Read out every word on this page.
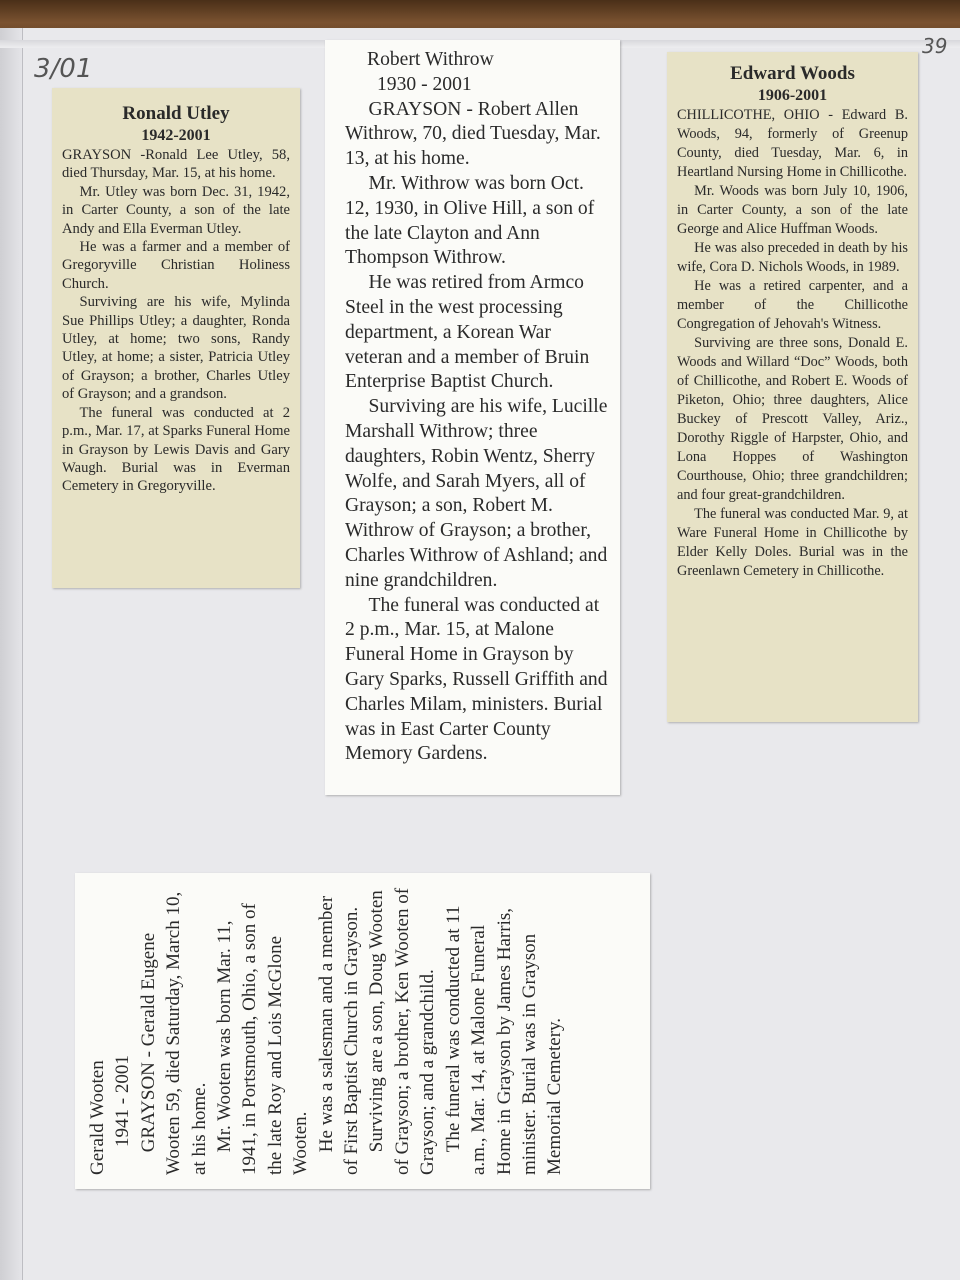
3/01
39
Ronald Utley
1942-2001

GRAYSON -Ronald Lee Utley, 58, died Thursday, Mar. 15, at his home.

Mr. Utley was born Dec. 31, 1942, in Carter County, a son of the late Andy and Ella Everman Utley.

He was a farmer and a member of Gregoryville Christian Holiness Church.

Surviving are his wife, Mylinda Sue Phillips Utley; a daughter, Ronda Utley, at home; two sons, Randy Utley, at home; a sister, Patricia Utley of Grayson; a brother, Charles Utley of Grayson; and a grandson.

The funeral was conducted at 2 p.m., Mar. 17, at Sparks Funeral Home in Grayson by Lewis Davis and Gary Waugh. Burial was in Everman Cemetery in Gregoryville.

Robert Withrow

1930 - 2001

GRAYSON - Robert Allen Withrow, 70, died Tuesday, Mar. 13, at his home.

Mr. Withrow was born Oct. 12, 1930, in Olive Hill, a son of the late Clayton and Ann Thompson Withrow.

He was retired from Armco Steel in the west processing department, a Korean War veteran and a member of Bruin Enterprise Baptist Church.

Surviving are his wife, Lucille Marshall Withrow; three daughters, Robin Wentz, Sherry Wolfe, and Sarah Myers, all of Grayson; a son, Robert M. Withrow of Grayson; a brother, Charles Withrow of Ashland; and nine grandchildren.

The funeral was conducted at 2 p.m., Mar. 15, at Malone Funeral Home in Grayson by Gary Sparks, Russell Griffith and Charles Milam, ministers. Burial was in East Carter County Memory Gardens.

Edward Woods
1906-2001

CHILLICOTHE, OHIO - Edward B. Woods, 94, formerly of Greenup County, died Tuesday, Mar. 6, in Heartland Nursing Home in Chillicothe.

Mr. Woods was born July 10, 1906, in Carter County, a son of the late George and Alice Huffman Woods.

He was also preceded in death by his wife, Cora D. Nichols Woods, in 1989.

He was a retired carpenter, and a member of the Chillicothe Congregation of Jehovah's Witness.

Surviving are three sons, Donald E. Woods and Willard “Doc” Woods, both of Chillicothe, and Robert E. Woods of Piketon, Ohio; three daughters, Alice Buckey of Prescott Valley, Ariz., Dorothy Riggle of Harpster, Ohio, and Lona Hoppes of Washington Courthouse, Ohio; three grandchildren; and four great-grandchildren.

The funeral was conducted Mar. 9, at Ware Funeral Home in Chillicothe by Elder Kelly Doles. Burial was in the Greenlawn Cemetery in Chillicothe.

Gerald Wooten 1941 - 2001 GRAYSON - Gerald Eugene Wooten 59, died Saturday, March 10, at his home. Mr. Wooten was born Mar. 11, 1941, in Portsmouth, Ohio, a son of the late Roy and Lois McGlone Wooten. He was a salesman and a member of First Baptist Church in Grayson. Surviving are a son, Doug Wooten of Grayson; a brother, Ken Wooten of Grayson; and a grandchild. The funeral was conducted at 11 a.m., Mar. 14, at Malone Funeral Home in Grayson by James Harris, minister. Burial was in Grayson Memorial Cemetery.
